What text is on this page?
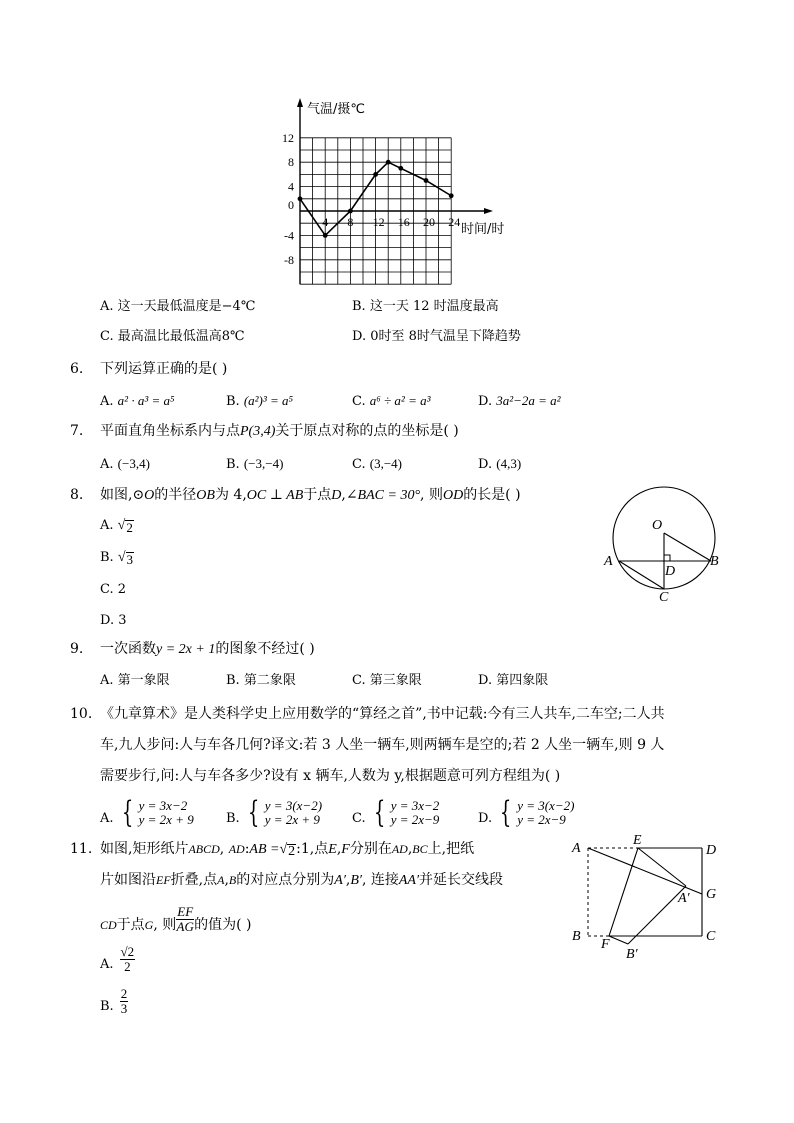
4 8 12 16 20 24
12
8
4
0
-4
-8
气温/摄℃
时间/时
A. 这一天最低温度是−4℃	B. 这一天 12 时温度最高
C. 最高温比最低温高8℃	D. 0时至 8时气温呈下降趋势
6. 下列运算正确的是( )
A. a² · a³ = a⁵	B. (a²)³ = a⁵	C. a⁶ ÷ a² = a³	D. 3a²−2a = a²
7. 平面直角坐标系内与点P(3,4)关于原点对称的点的坐标是( )
A. (−3,4)	B. (−3,−4)	C. (3,−4)	D. (4,3)
8. 如图,⊙O的半径OB为 4,OC ⊥ AB于点D,∠BAC = 30°, 则OD的长是( )
A. √ 2
B. √ 3
C. 2
D. 3
O
A	B
D
C
9. 一次函数y = 2x + 1的图象不经过( )
A. 第一象限	B. 第二象限	C. 第三象限	D. 第四象限
10. 《九章算术》是人类科学史上应用数学的“算经之首”,书中记载:今有三人共车,二车空;二人共
车,九人步问:人与车各几何?译文:若 3 人坐一辆车,则两辆车是空的;若 2 人坐一辆车,则 9 人
需要步行,问:人与车各多少?设有 x 辆车,人数为 y,根据题意可列方程组为( )
A. { y = 3x−2
y = 2x + 9 B. { y = 3(x−2)
y = 2x + 9 C. { y = 3x−2
y = 2x−9	D. { y = 3(x−2)
y = 2x−9
11. 如图,矩形纸片ABCD, AD:AB = √ 2 :1,点E,F分别在AD,BC上,把纸
片如图沿EF折叠,点A,B的对应点分别为A′,B′, 连接AA′并延长交线段
CD 于点 G , 则 $\frac{EF}{AG}$ 的值为( )
A. $\frac{√2}{2}$
B. $\frac{2}{3}$
A
E
D
G
A′
B
F
B′
C
